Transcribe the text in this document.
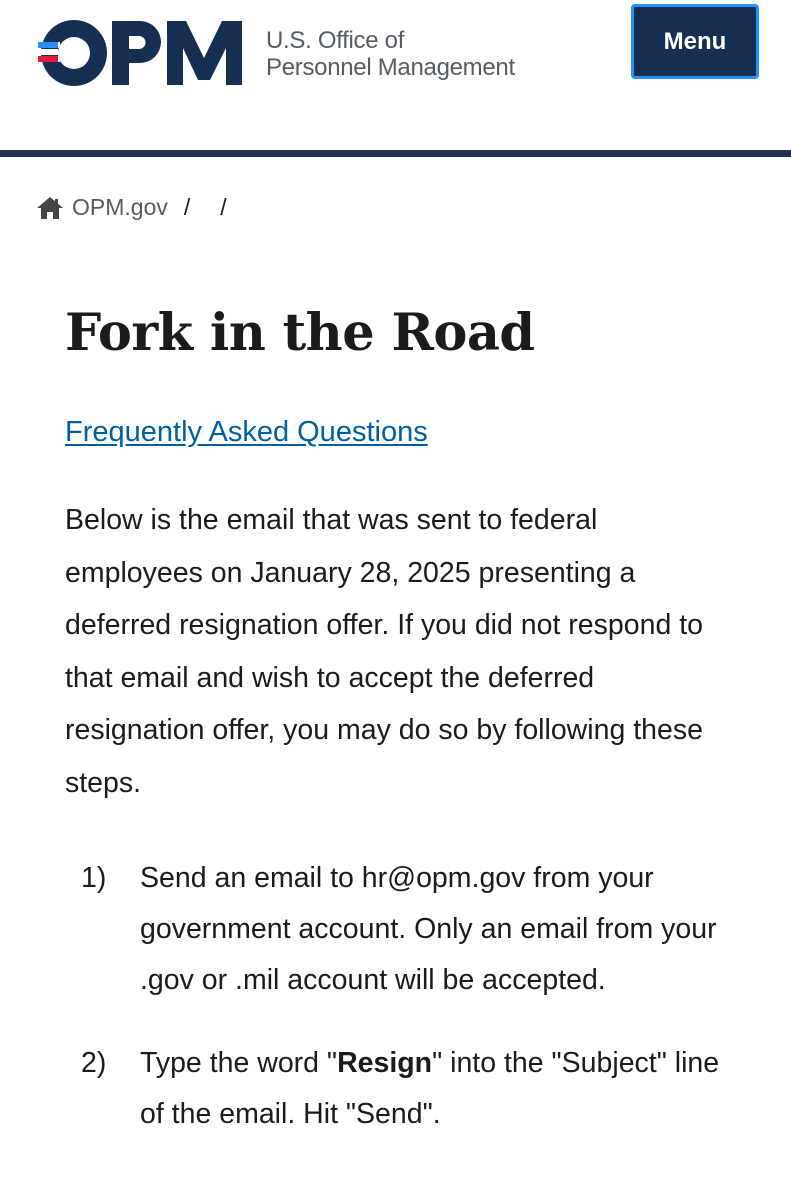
U.S. Office of
Personnel Management
Menu
OPM.gov / /
Fork in the Road
Frequently Asked Questions

Below is the email that was sent to federal employees on January 28, 2025 presenting a deferred resignation offer. If you did not respond to that email and wish to accept the deferred resignation offer, you may do so by following these steps.

1)	Send an email to hr@opm.gov from your government account. Only an email from your .gov or .mil account will be accepted.
2)	Type the word "Resign" into the "Subject" line of the email. Hit "Send".
